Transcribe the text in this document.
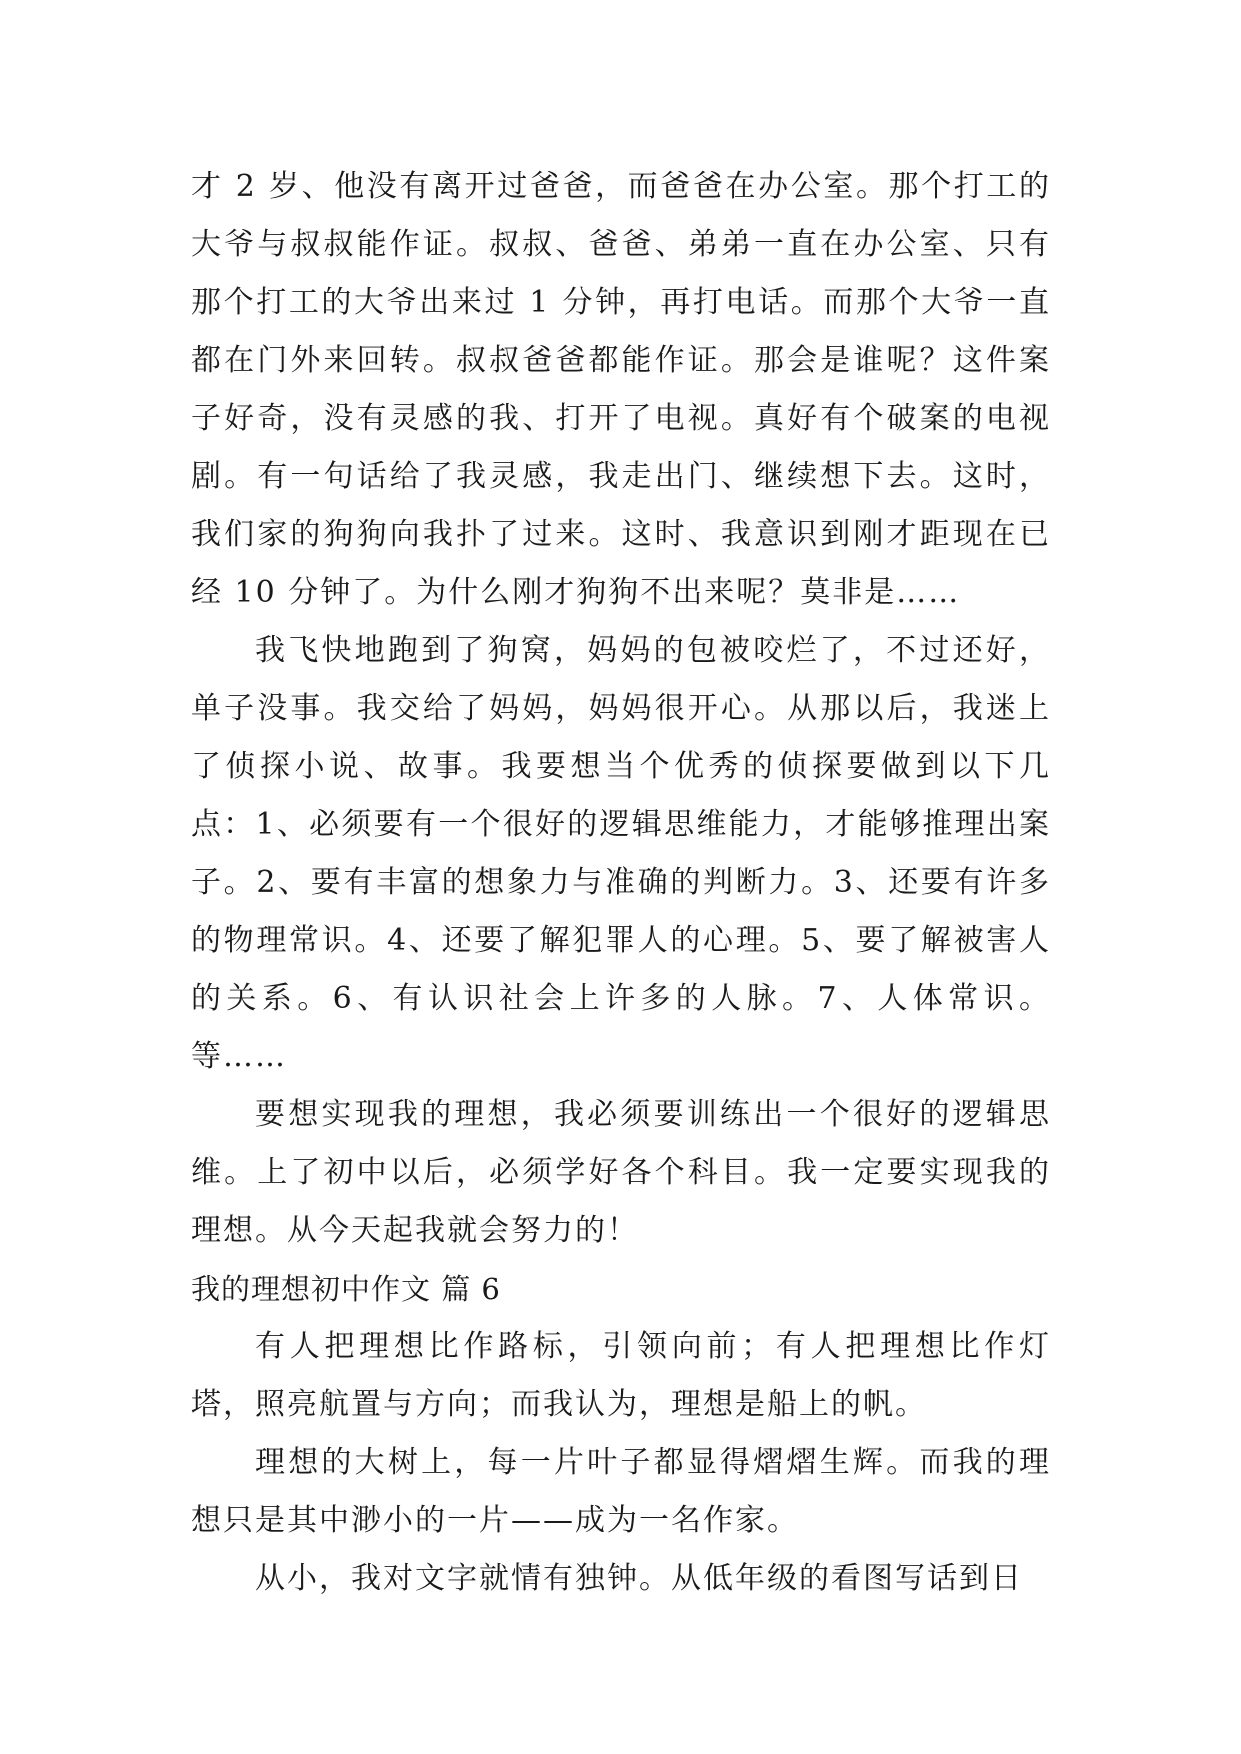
才 2 岁、他没有离开过爸爸，而爸爸在办公室。那个打工的大爷与叔叔能作证。叔叔、爸爸、弟弟一直在办公室、只有那个打工的大爷出来过 1 分钟，再打电话。而那个大爷一直都在门外来回转。叔叔爸爸都能作证。那会是谁呢？这件案子好奇，没有灵感的我、打开了电视。真好有个破案的电视剧。有一句话给了我灵感，我走出门、继续想下去。这时，我们家的狗狗向我扑了过来。这时、我意识到刚才距现在已经 10 分钟了。为什么刚才狗狗不出来呢？莫非是……

我飞快地跑到了狗窝，妈妈的包被咬烂了，不过还好，单子没事。我交给了妈妈，妈妈很开心。从那以后，我迷上了侦探小说、故事。我要想当个优秀的侦探要做到以下几点：1、必须要有一个很好的逻辑思维能力，才能够推理出案子。2、要有丰富的想象力与准确的判断力。3、还要有许多的物理常识。4、还要了解犯罪人的心理。5、要了解被害人的关系。6、有认识社会上许多的人脉。7、人体常识。等……

要想实现我的理想，我必须要训练出一个很好的逻辑思维。上了初中以后，必须学好各个科目。我一定要实现我的理想。从今天起我就会努力的！

我的理想初中作文 篇 6

有人把理想比作路标，引领向前；有人把理想比作灯塔，照亮航置与方向；而我认为，理想是船上的帆。

理想的大树上，每一片叶子都显得熠熠生辉。而我的理想只是其中渺小的一片——成为一名作家。

从小，我对文字就情有独钟。从低年级的看图写话到日
